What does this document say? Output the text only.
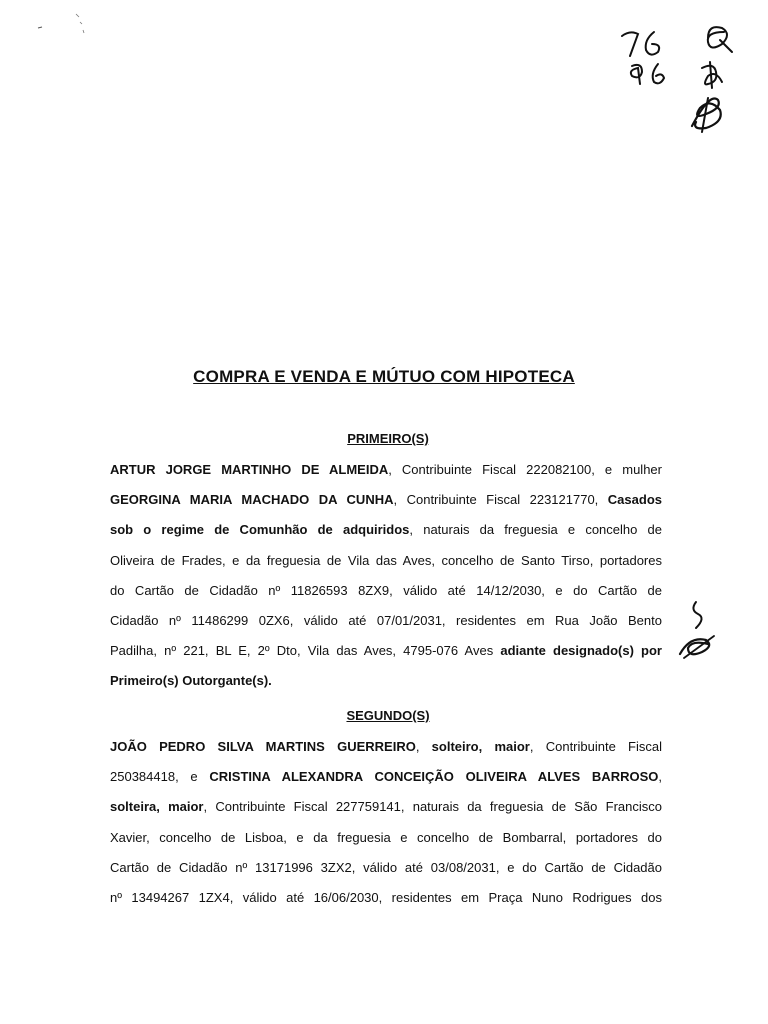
COMPRA E VENDA E MÚTUO COM HIPOTECA
PRIMEIRO(S)
ARTUR JORGE MARTINHO DE ALMEIDA, Contribuinte Fiscal 222082100, e mulher
GEORGINA MARIA MACHADO DA CUNHA, Contribuinte Fiscal 223121770, Casados
sob o regime de Comunhão de adquiridos, naturais da freguesia e concelho de
Oliveira de Frades, e da freguesia de Vila das Aves, concelho de Santo Tirso, portadores
do Cartão de Cidadão nº 11826593 8ZX9, válido até 14/12/2030, e do Cartão de
Cidadão nº 11486299 0ZX6, válido até 07/01/2031, residentes em Rua João Bento
Padilha, nº 221, BL E, 2º Dto, Vila das Aves, 4795-076 Aves adiante designado(s) por
Primeiro(s) Outorgante(s).
SEGUNDO(S)
JOÃO PEDRO SILVA MARTINS GUERREIRO, solteiro, maior, Contribuinte Fiscal
250384418, e CRISTINA ALEXANDRA CONCEIÇÃO OLIVEIRA ALVES BARROSO,
solteira, maior, Contribuinte Fiscal 227759141, naturais da freguesia de São Francisco
Xavier, concelho de Lisboa, e da freguesia e concelho de Bombarral, portadores do
Cartão de Cidadão nº 13171996 3ZX2, válido até 03/08/2031, e do Cartão de Cidadão
nº 13494267 1ZX4, válido até 16/06/2030, residentes em Praça Nuno Rodrigues dos
